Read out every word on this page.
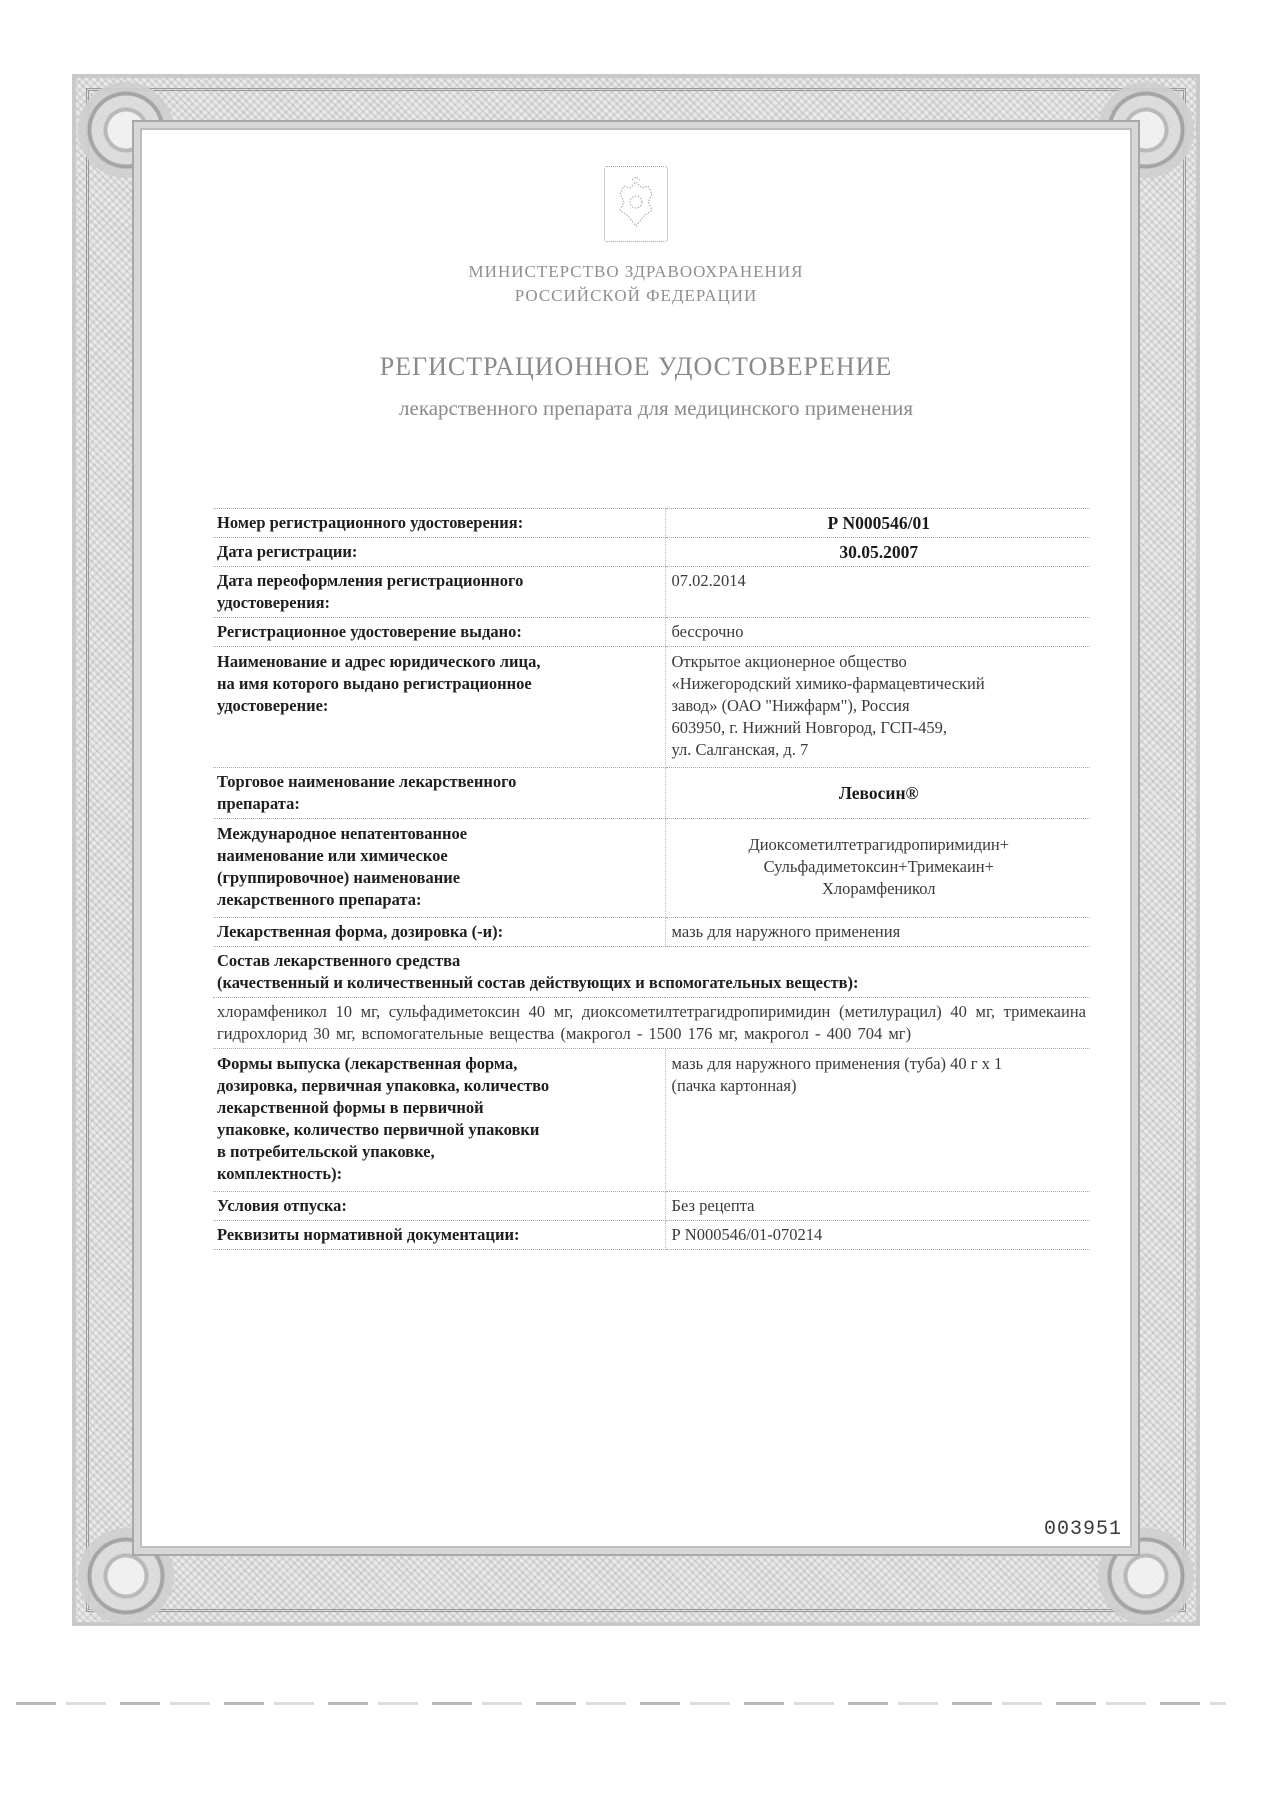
МИНИСТЕРСТВО ЗДРАВООХРАНЕНИЯ
РОССИЙСКОЙ ФЕДЕРАЦИИ
РЕГИСТРАЦИОННОЕ УДОСТОВЕРЕНИЕ
лекарственного препарата для медицинского применения
Номер регистрационного удостоверения:	Р N000546/01

Дата регистрации:	30.05.2007

Дата переоформления регистрационного
удостоверения:	07.02.2014

Регистрационное удостоверение выдано:	бессрочно

Наименование и адрес юридического лица,
на имя которого выдано регистрационное
удостоверение:	Открытое акционерное общество
«Нижегородский химико-фармацевтический
завод» (ОАО "Нижфарм"), Россия
603950, г. Нижний Новгород, ГСП-459,
ул. Салганская, д. 7

Торговое наименование лекарственного
препарата:	Левосин®

Международное непатентованное
наименование или химическое
(группировочное) наименование
лекарственного препарата:	Диоксометилтетрагидропиримидин+
Сульфадиметоксин+Тримекаин+
Хлорамфеникол

Лекарственная форма, дозировка (-и):	мазь для наружного применения

Состав лекарственного средства
(качественный и количественный состав действующих и вспомогательных веществ):	

хлорамфеникол 10 мг, сульфадиметоксин 40 мг, диоксометилтетрагидропиримидин (метилурацил) 40 мг, тримекаина гидрохлорид 30 мг, вспомогательные вещества (макрогол - 1500 176 мг, макрогол - 400 704 мг)	

Формы выпуска (лекарственная форма,
дозировка, первичная упаковка, количество
лекарственной формы в первичной
упаковке, количество первичной упаковки
в потребительской упаковке,
комплектность):

мазь для наружного применения (туба) 40 г x 1
(пачка картонная)

Условия отпуска:	Без рецепта

Реквизиты нормативной документации:	Р N000546/01-070214
003951
